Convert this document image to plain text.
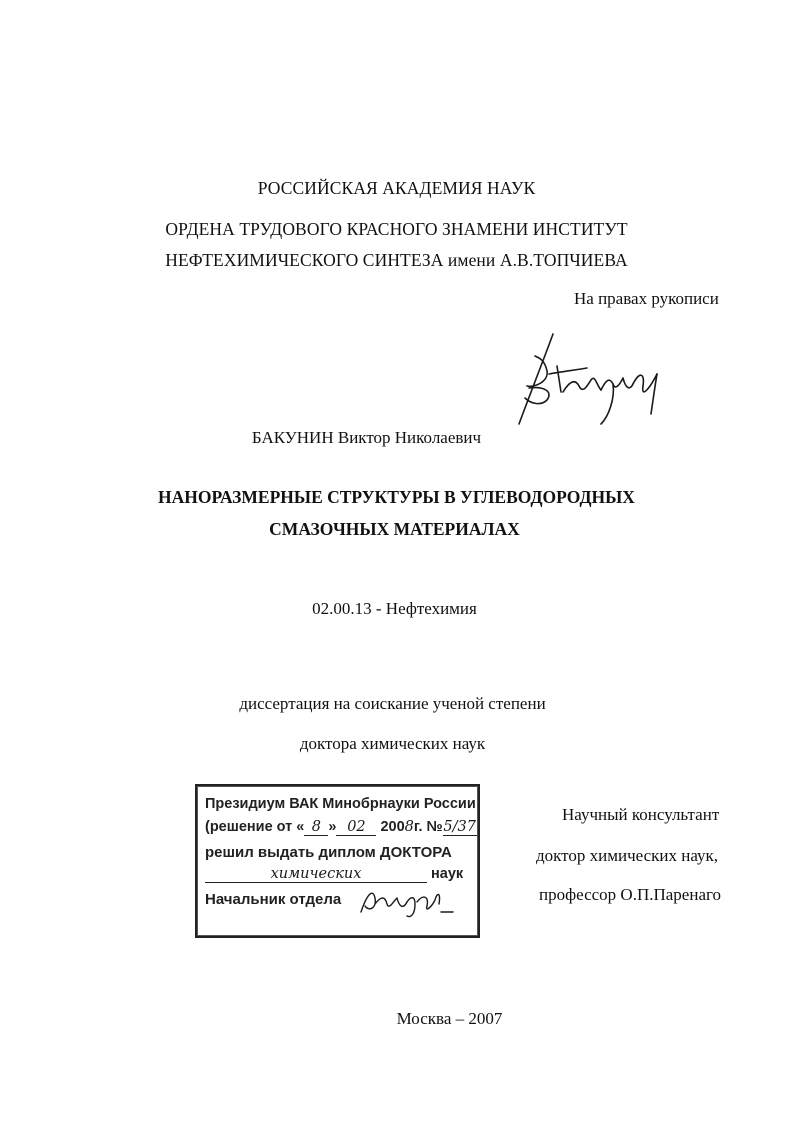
РОССИЙСКАЯ АКАДЕМИЯ НАУК
ОРДЕНА ТРУДОВОГО КРАСНОГО ЗНАМЕНИ ИНСТИТУТ
НЕФТЕХИМИЧЕСКОГО СИНТЕЗА имени А.В.ТОПЧИЕВА
На правах рукописи
БАКУНИН Виктор Николаевич
НАНОРАЗМЕРНЫЕ СТРУКТУРЫ В УГЛЕВОДОРОДНЫХ
СМАЗОЧНЫХ МАТЕРИАЛАХ
02.00.13 - Нефтехимия
диссертация на соискание ученой степени
доктора химических наук
Президиум ВАК Минобрнауки России
(решение от « 8 » 02 2008г. №5/37
решил выдать диплом ДОКТОРА
химических	наук
Начальник отдела
Научный консультант
доктор химических наук,
профессор О.П.Паренаго
Москва – 2007
